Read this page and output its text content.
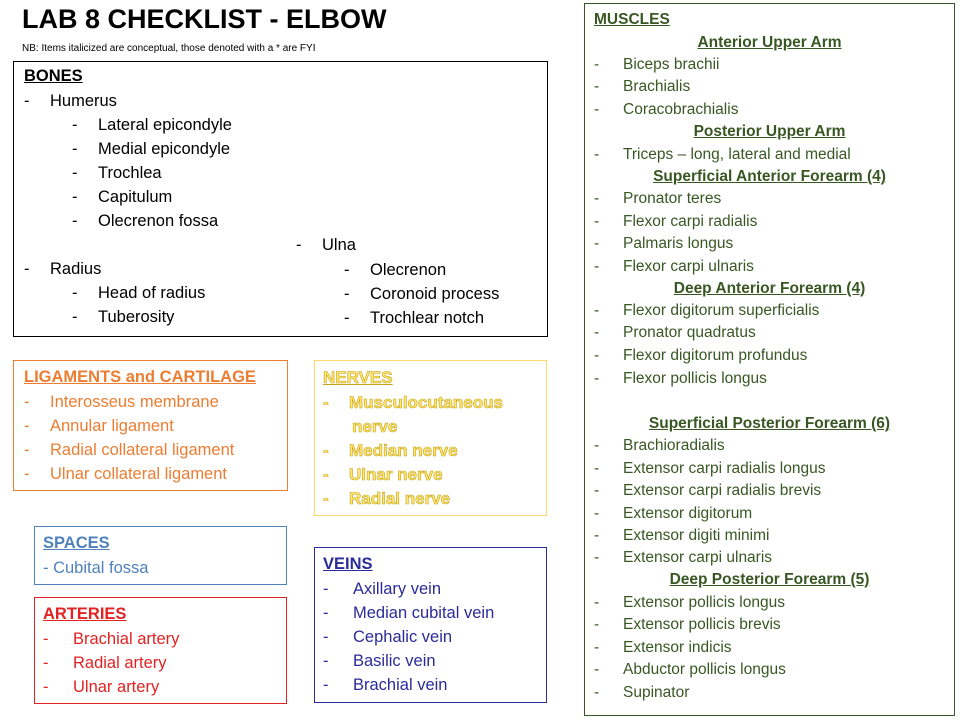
LAB 8 CHECKLIST - ELBOW
NB: Items italicized are conceptual, those denoted with a * are FYI
BONES
- Humerus
- Lateral epicondyle
- Medial epicondyle
- Trochlea
- Capitulum
- Olecrenon fossa
- Ulna
- Olecrenon
- Coronoid process
- Trochlear notch
- Radius
- Head of radius
- Tuberosity
LIGAMENTS and CARTILAGE
- Interosseus membrane
- Annular ligament
- Radial collateral ligament
- Ulnar collateral ligament
NERVES
- Musculocutaneous
nerve
- Median nerve
- Ulnar nerve
- Radial nerve
SPACES
- Cubital fossa
ARTERIES
- Brachial artery
- Radial artery
- Ulnar artery
VEINS
- Axillary vein
- Median cubital vein
- Cephalic vein
- Basilic vein
- Brachial vein
MUSCLES
Anterior Upper Arm
- Biceps brachii
- Brachialis
- Coracobrachialis
Posterior Upper Arm
- Triceps – long, lateral and medial
Superficial Anterior Forearm (4)
- Pronator teres
- Flexor carpi radialis
- Palmaris longus
- Flexor carpi ulnaris
Deep Anterior Forearm (4)
- Flexor digitorum superficialis
- Pronator quadratus
- Flexor digitorum profundus
- Flexor pollicis longus
Superficial Posterior Forearm (6)
- Brachioradialis
- Extensor carpi radialis longus
- Extensor carpi radialis brevis
- Extensor digitorum
- Extensor digiti minimi
- Extensor carpi ulnaris
Deep Posterior Forearm (5)
- Extensor pollicis longus
- Extensor pollicis brevis
- Extensor indicis
- Abductor pollicis longus
- Supinator
